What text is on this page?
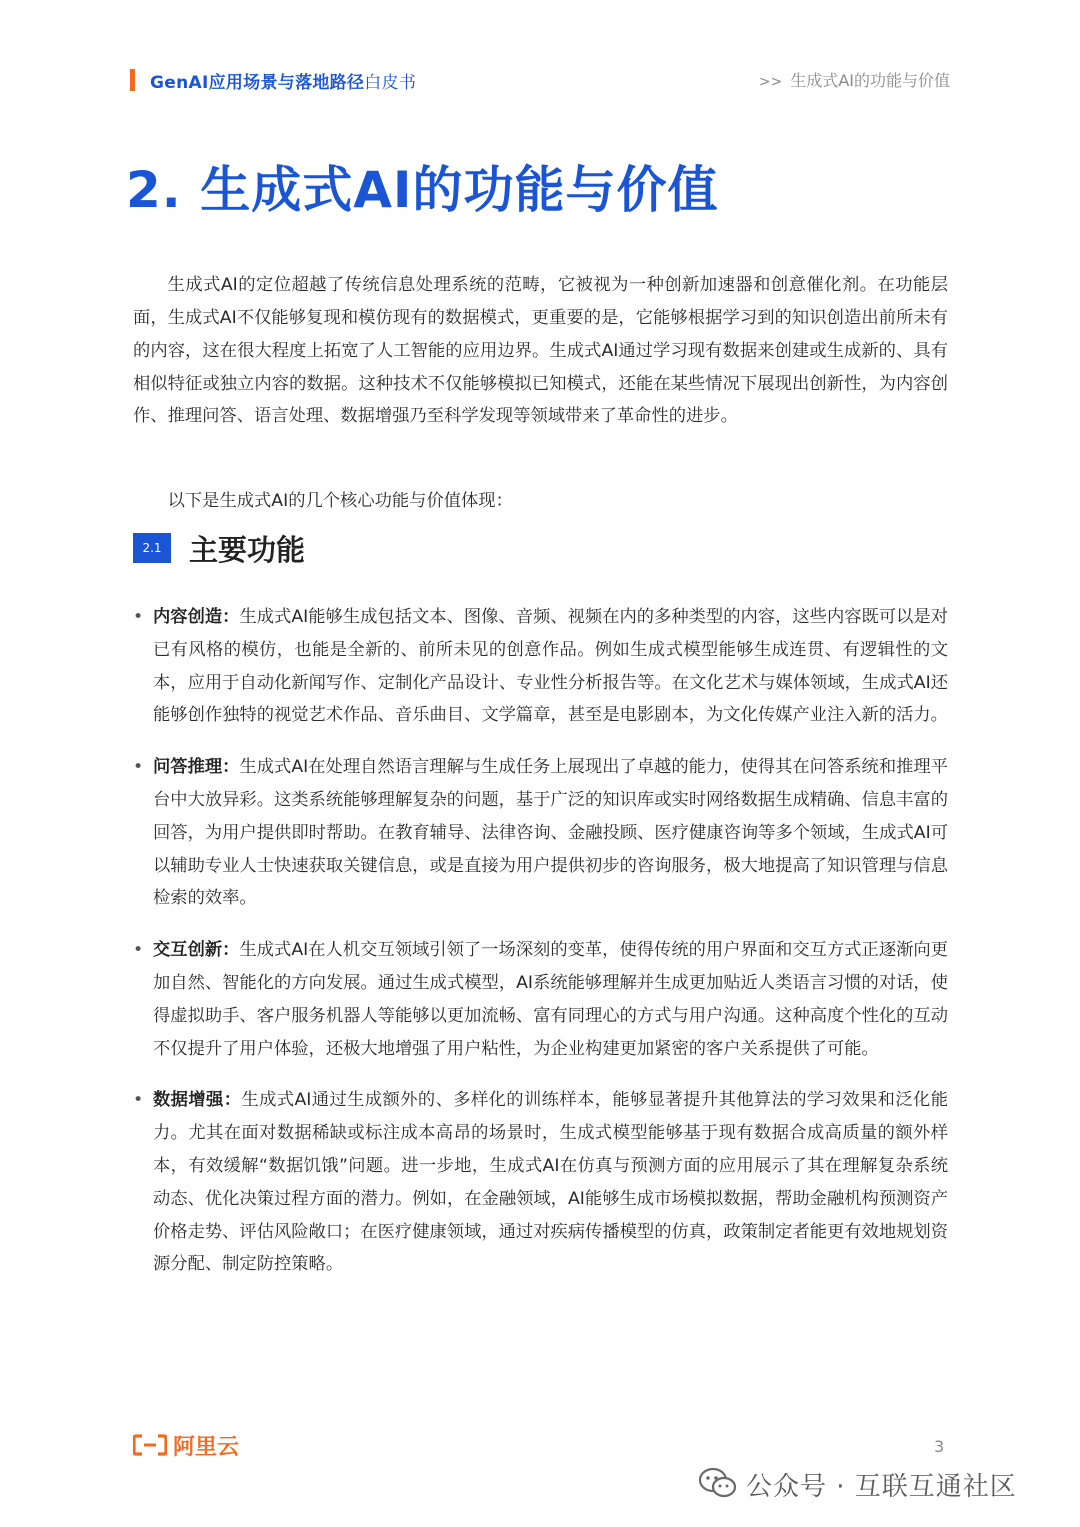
GenAI应用场景与落地路径白皮书	>> 生成式AI的功能与价值
2. 生成式AI的功能与价值

生成式AI的定位超越了传统信息处理系统的范畴，它被视为一种创新加速器和创意催化剂。在功能层面，生成式AI不仅能够复现和模仿现有的数据模式，更重要的是，它能够根据学习到的知识创造出前所未有的内容，这在很大程度上拓宽了人工智能的应用边界。生成式AI通过学习现有数据来创建或生成新的、具有相似特征或独立内容的数据。这种技术不仅能够模拟已知模式，还能在某些情况下展现出创新性，为内容创作、推理问答、语言处理、数据增强乃至科学发现等领域带来了革命性的进步。

以下是生成式AI的几个核心功能与价值体现：

2.1 主要功能
• 内容创造：生成式AI能够生成包括文本、图像、音频、视频在内的多种类型的内容，这些内容既可以是对已有风格的模仿，也能是全新的、前所未见的创意作品。例如生成式模型能够生成连贯、有逻辑性的文本，应用于自动化新闻写作、定制化产品设计、专业性分析报告等。在文化艺术与媒体领域，生成式AI还能够创作独特的视觉艺术作品、音乐曲目、文学篇章，甚至是电影剧本，为文化传媒产业注入新的活力。
• 问答推理：生成式AI在处理自然语言理解与生成任务上展现出了卓越的能力，使得其在问答系统和推理平台中大放异彩。这类系统能够理解复杂的问题，基于广泛的知识库或实时网络数据生成精确、信息丰富的回答，为用户提供即时帮助。在教育辅导、法律咨询、金融投顾、医疗健康咨询等多个领域，生成式AI可以辅助专业人士快速获取关键信息，或是直接为用户提供初步的咨询服务，极大地提高了知识管理与信息检索的效率。
• 交互创新：生成式AI在人机交互领域引领了一场深刻的变革，使得传统的用户界面和交互方式正逐渐向更加自然、智能化的方向发展。通过生成式模型，AI系统能够理解并生成更加贴近人类语言习惯的对话，使得虚拟助手、客户服务机器人等能够以更加流畅、富有同理心的方式与用户沟通。这种高度个性化的互动不仅提升了用户体验，还极大地增强了用户粘性，为企业构建更加紧密的客户关系提供了可能。
• 数据增强：生成式AI通过生成额外的、多样化的训练样本，能够显著提升其他算法的学习效果和泛化能力。尤其在面对数据稀缺或标注成本高昂的场景时，生成式模型能够基于现有数据合成高质量的额外样本，有效缓解“数据饥饿”问题。进一步地，生成式AI在仿真与预测方面的应用展示了其在理解复杂系统动态、优化决策过程方面的潜力。例如，在金融领域，AI能够生成市场模拟数据，帮助金融机构预测资产价格走势、评估风险敞口；在医疗健康领域，通过对疾病传播模型的仿真，政策制定者能更有效地规划资源分配、制定防控策略。
阿里云	3
公众号 · 互联互通社区
